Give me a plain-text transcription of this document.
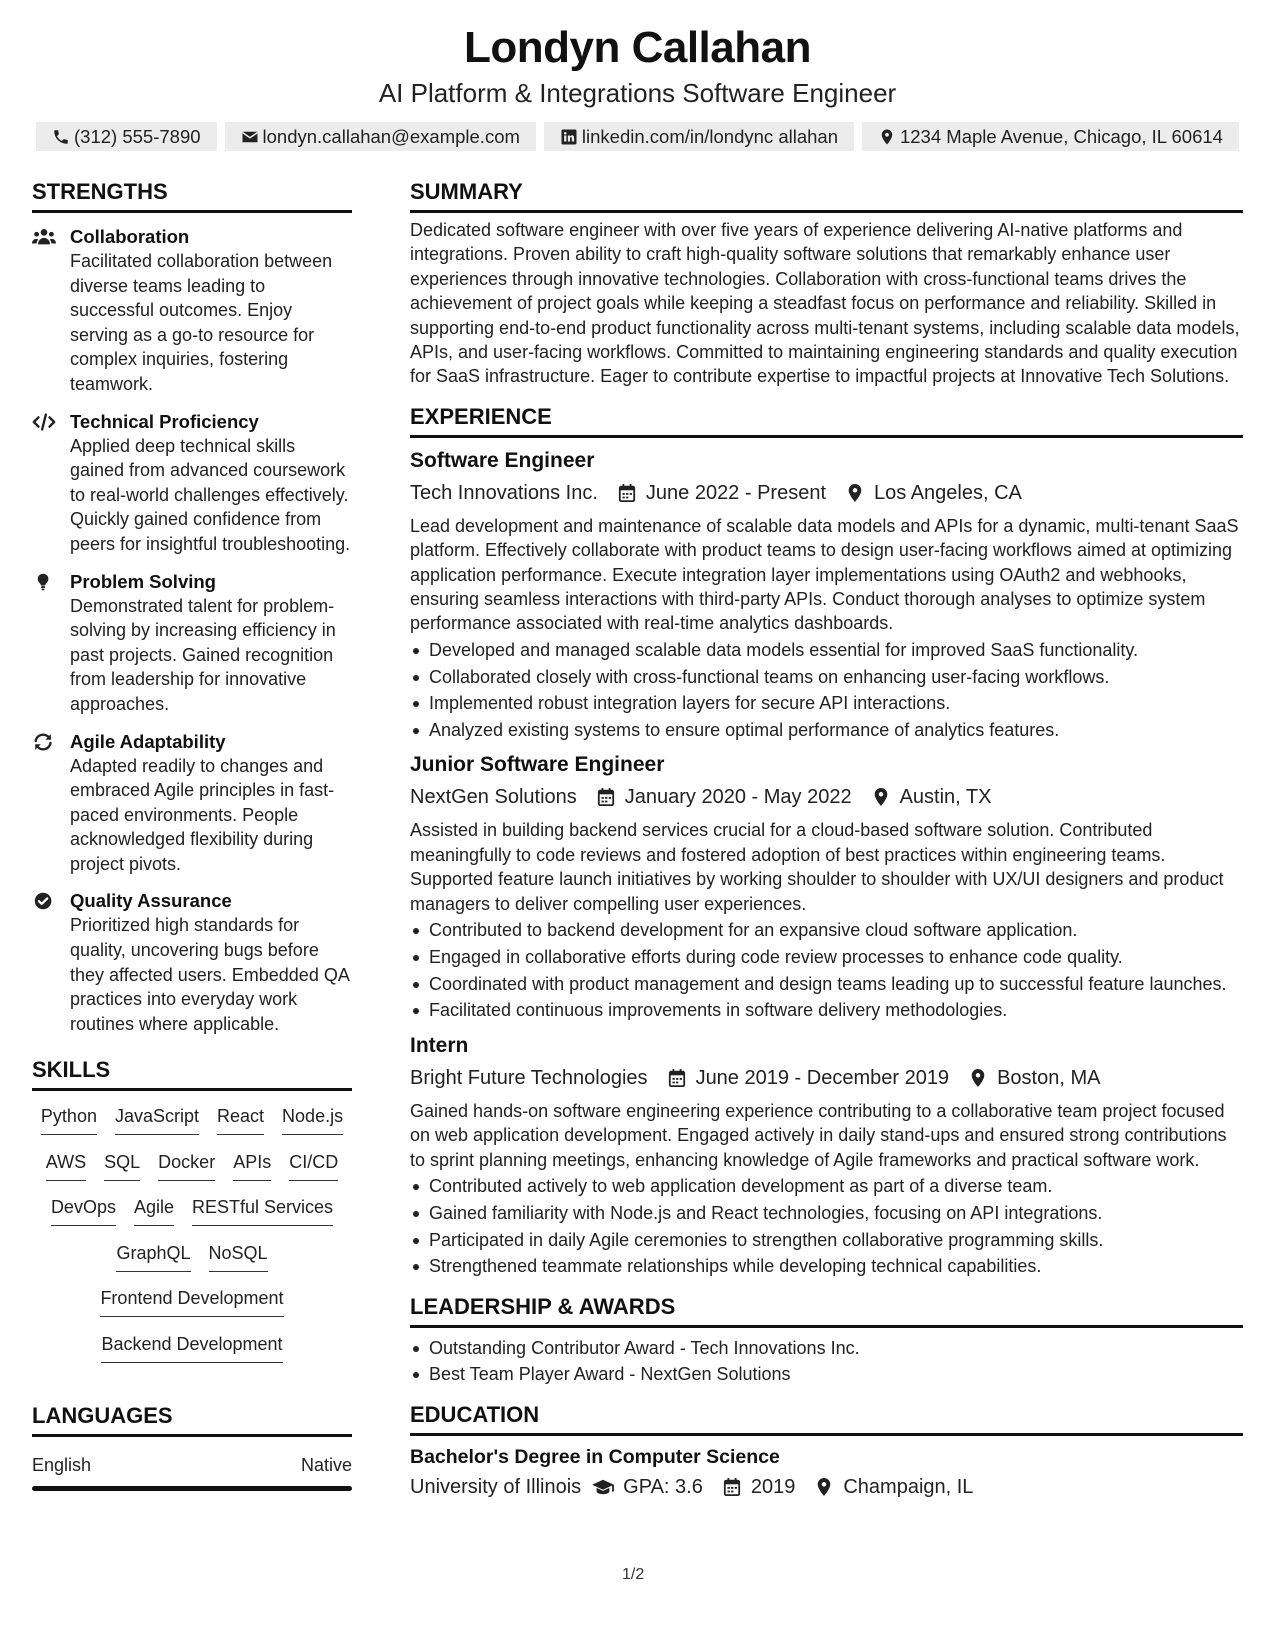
Londyn Callahan
AI Platform & Integrations Software Engineer
(312) 555-7890	londyn.callahan@example.com	linkedin.com/in/londync allahan	1234 Maple Avenue, Chicago, IL 60614
STRENGTHS
Collaboration
Facilitated collaboration between diverse teams leading to successful outcomes. Enjoy serving as a go-to resource for complex inquiries, fostering teamwork.
Technical Proficiency
Applied deep technical skills gained from advanced coursework to real-world challenges effectively. Quickly gained confidence from peers for insightful troubleshooting.
Problem Solving
Demonstrated talent for problem-solving by increasing efficiency in past projects. Gained recognition from leadership for innovative approaches.
Agile Adaptability
Adapted readily to changes and embraced Agile principles in fast-paced environments. People acknowledged flexibility during project pivots.
Quality Assurance
Prioritized high standards for quality, uncovering bugs before they affected users. Embedded QA practices into everyday work routines where applicable.
SKILLS
Python JavaScript React Node.js
AWS SQL Docker APIs CI/CD
DevOps Agile RESTful Services
GraphQL NoSQL
Frontend Development
Backend Development
LANGUAGES
English	Native
SUMMARY
Dedicated software engineer with over five years of experience delivering AI-native platforms and integrations. Proven ability to craft high-quality software solutions that remarkably enhance user experiences through innovative technologies. Collaboration with cross-functional teams drives the achievement of project goals while keeping a steadfast focus on performance and reliability. Skilled in supporting end-to-end product functionality across multi-tenant systems, including scalable data models, APIs, and user-facing workflows. Committed to maintaining engineering standards and quality execution for SaaS infrastructure. Eager to contribute expertise to impactful projects at Innovative Tech Solutions.
EXPERIENCE
Software Engineer
Tech Innovations Inc. June 2022 - Present Los Angeles, CA
Lead development and maintenance of scalable data models and APIs for a dynamic, multi-tenant SaaS platform. Effectively collaborate with product teams to design user-facing workflows aimed at optimizing application performance. Execute integration layer implementations using OAuth2 and webhooks, ensuring seamless interactions with third-party APIs. Conduct thorough analyses to optimize system performance associated with real-time analytics dashboards.
Developed and managed scalable data models essential for improved SaaS functionality.
Collaborated closely with cross-functional teams on enhancing user-facing workflows.
Implemented robust integration layers for secure API interactions.
Analyzed existing systems to ensure optimal performance of analytics features.
Junior Software Engineer
NextGen Solutions January 2020 - May 2022 Austin, TX
Assisted in building backend services crucial for a cloud-based software solution. Contributed meaningfully to code reviews and fostered adoption of best practices within engineering teams. Supported feature launch initiatives by working shoulder to shoulder with UX/UI designers and product managers to deliver compelling user experiences.
Contributed to backend development for an expansive cloud software application.
Engaged in collaborative efforts during code review processes to enhance code quality.
Coordinated with product management and design teams leading up to successful feature launches.
Facilitated continuous improvements in software delivery methodologies.
Intern
Bright Future Technologies June 2019 - December 2019 Boston, MA
Gained hands-on software engineering experience contributing to a collaborative team project focused on web application development. Engaged actively in daily stand-ups and ensured strong contributions to sprint planning meetings, enhancing knowledge of Agile frameworks and practical software work.
Contributed actively to web application development as part of a diverse team.
Gained familiarity with Node.js and React technologies, focusing on API integrations.
Participated in daily Agile ceremonies to strengthen collaborative programming skills.
Strengthened teammate relationships while developing technical capabilities.
LEADERSHIP & AWARDS
Outstanding Contributor Award - Tech Innovations Inc.
Best Team Player Award - NextGen Solutions
EDUCATION
Bachelor's Degree in Computer Science
University of Illinois GPA: 3.6 2019 Champaign, IL
1/2
